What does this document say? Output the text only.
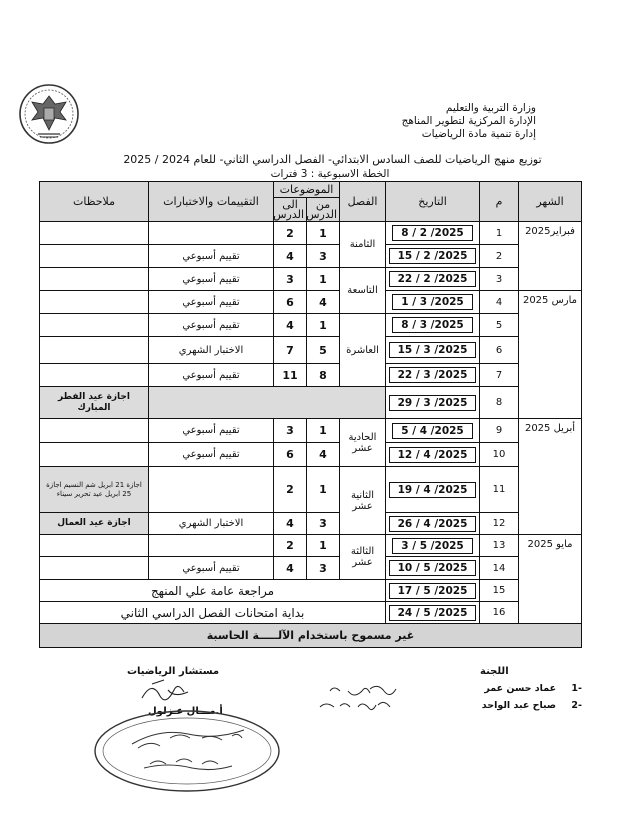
وزارة التربية والتعليم
الإدارة المركزية لتطوير المناهج
إدارة تنمية مادة الرياضيات
توزيع منهج الرياضيات للصف السادس الابتدائي- الفصل الدراسي الثاني- للعام 2024 / 2025
الخطة الاسبوعية : 3 فترات
الشهر	م	التاريخ	الفصل	الموضوعات		التقييمات والاختبارات	ملاحظات
				من الدرس	الى الدرس		
فبراير2025	1	2025/ 2 / 8	الثامنة	1	2		
	2	2025/ 2 / 15		3	4	تقييم أسبوعي	
	3	2025/ 2 / 22	التاسعة	1	3	تقييم أسبوعي	
مارس 2025	4	2025/ 3 / 1		4	6	تقييم أسبوعي	
	5	2025/ 3 / 8	العاشرة	1	4	تقييم أسبوعي	
	6	2025/ 3 / 15		5	7	الاختبار الشهري	
	7	2025/ 3 / 22		8	11	تقييم أسبوعي	
	8	2025/ 3 / 29					اجازة عيد الفطر المبارك
أبريل 2025	9	2025/ 4 / 5	الحادية عشر	1	3	تقييم أسبوعي	
	10	2025/ 4 / 12		4	6	تقييم أسبوعي	
	11	2025/ 4 / 19	الثانية عشر	1	2		اجازة 21 ابريل شم النسيم اجازة 25 ابريل عيد تحرير سيناء
	12	2025/ 4 / 26		3	4	الاختبار الشهري	اجازة عيد العمال
مايو 2025	13	2025/ 5 / 3	الثالثة عشر	1	2		
	14	2025/ 5 / 10		3	4	تقييم أسبوعي	
	15	2025/ 5 / 17	مراجعة عامة علي المنهج				
	16	2025/ 5 / 24	بداية امتحانات الفصل الدراسي الثاني				
غير مسموح باستخدام الآلـــــة الحاسبة							
اللجنة
-1 عماد حسن عمر
-2 صباح عبد الواحد
مستشار الرياضيات
أ.مـــال عـزلول
